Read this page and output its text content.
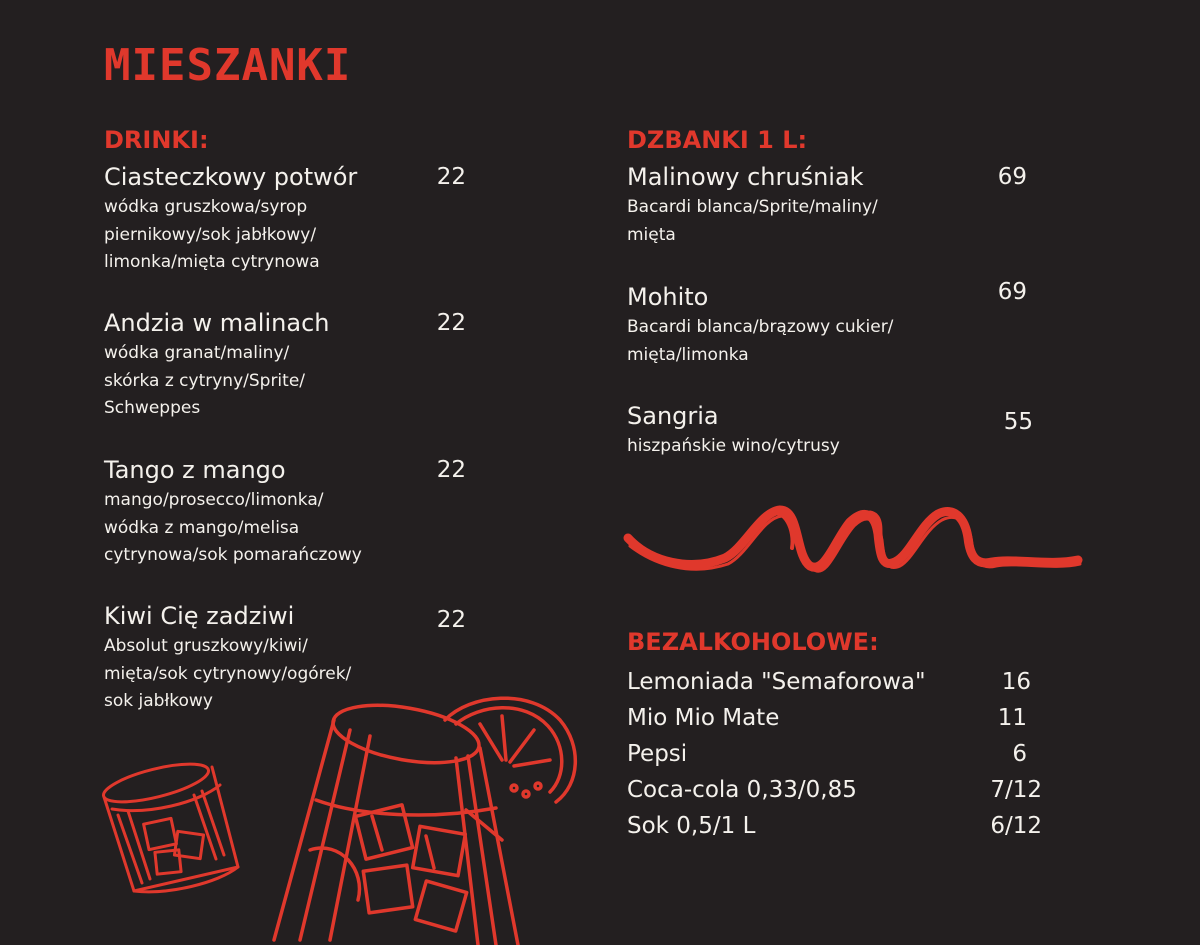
MIESZANKI
DRINKI:
Ciasteczkowy potwór	22
wódka gruszkowa/syrop
piernikowy/sok jabłkowy/
limonka/mięta cytrynowa
Andzia w malinach	22
wódka granat/maliny/
skórka z cytryny/Sprite/
Schweppes
Tango z mango	22
mango/prosecco/limonka/
wódka z mango/melisa
cytrynowa/sok pomarańczowy
Kiwi Cię zadziwi	22
Absolut gruszkowy/kiwi/
mięta/sok cytrynowy/ogórek/
sok jabłkowy
DZBANKI 1 L:
Malinowy chruśniak	69
Bacardi blanca/Sprite/maliny/
mięta
Mohito	69
Bacardi blanca/brązowy cukier/
mięta/limonka
Sangria	55
hiszpańskie wino/cytrusy
BEZALKOHOLOWE:
Lemoniada "Semaforowa"	16
Mio Mio Mate	11
Pepsi	6
Coca-cola 0,33/0,85	7/12
Sok 0,5/1 L	6/12
